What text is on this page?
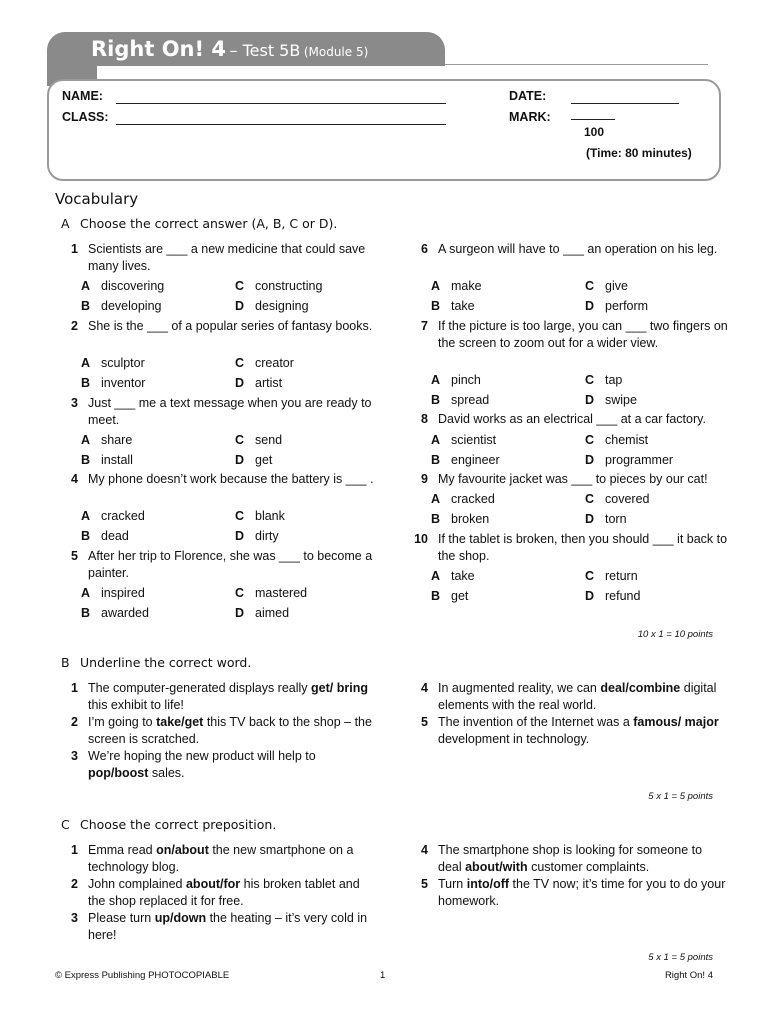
Right On! 4 – Test 5B (Module 5)
NAME:
CLASS:
DATE:
MARK:
100
(Time: 80 minutes)
Vocabulary
A Choose the correct answer (A, B, C or D).
1 Scientists are ___ a new medicine that could save many lives.
A discovering	C constructing
B developing	D designing
2 She is the ___ of a popular series of fantasy books.
A sculptor	C creator
B inventor	D artist
3 Just ___ me a text message when you are ready to meet.
A share	C send
B install	D get
4 My phone doesn’t work because the battery is ___ .
A cracked	C blank
B dead	D dirty
5 After her trip to Florence, she was ___ to become a painter.
A inspired	C mastered
B awarded	D aimed
6 A surgeon will have to ___ an operation on his leg.
A make	C give
B take	D perform
7 If the picture is too large, you can ___ two fingers on the screen to zoom out for a wider view.
A pinch	C tap
B spread	D swipe
8 David works as an electrical ___ at a car factory.
A scientist	C chemist
B engineer	D programmer
9 My favourite jacket was ___ to pieces by our cat!
A cracked	C covered
B broken	D torn
10 If the tablet is broken, then you should ___ it back to the shop.
A take	C return
B get	D refund
10 x 1 = 10 points
B Underline the correct word.
1 The computer-generated displays really get/ bring this exhibit to life!
2 I’m going to take/get this TV back to the shop – the screen is scratched.
3 We’re hoping the new product will help to pop/boost sales.
4 In augmented reality, we can deal/combine digital elements with the real world.
5 The invention of the Internet was a famous/ major development in technology.
5 x 1 = 5 points
C Choose the correct preposition.
1 Emma read on/about the new smartphone on a technology blog.
2 John complained about/for his broken tablet and the shop replaced it for free.
3 Please turn up/down the heating – it’s very cold in here!
4 The smartphone shop is looking for someone to deal about/with customer complaints.
5 Turn into/off the TV now; it’s time for you to do your homework.
5 x 1 = 5 points
© Express Publishing PHOTOCOPIABLE	1	Right On! 4
